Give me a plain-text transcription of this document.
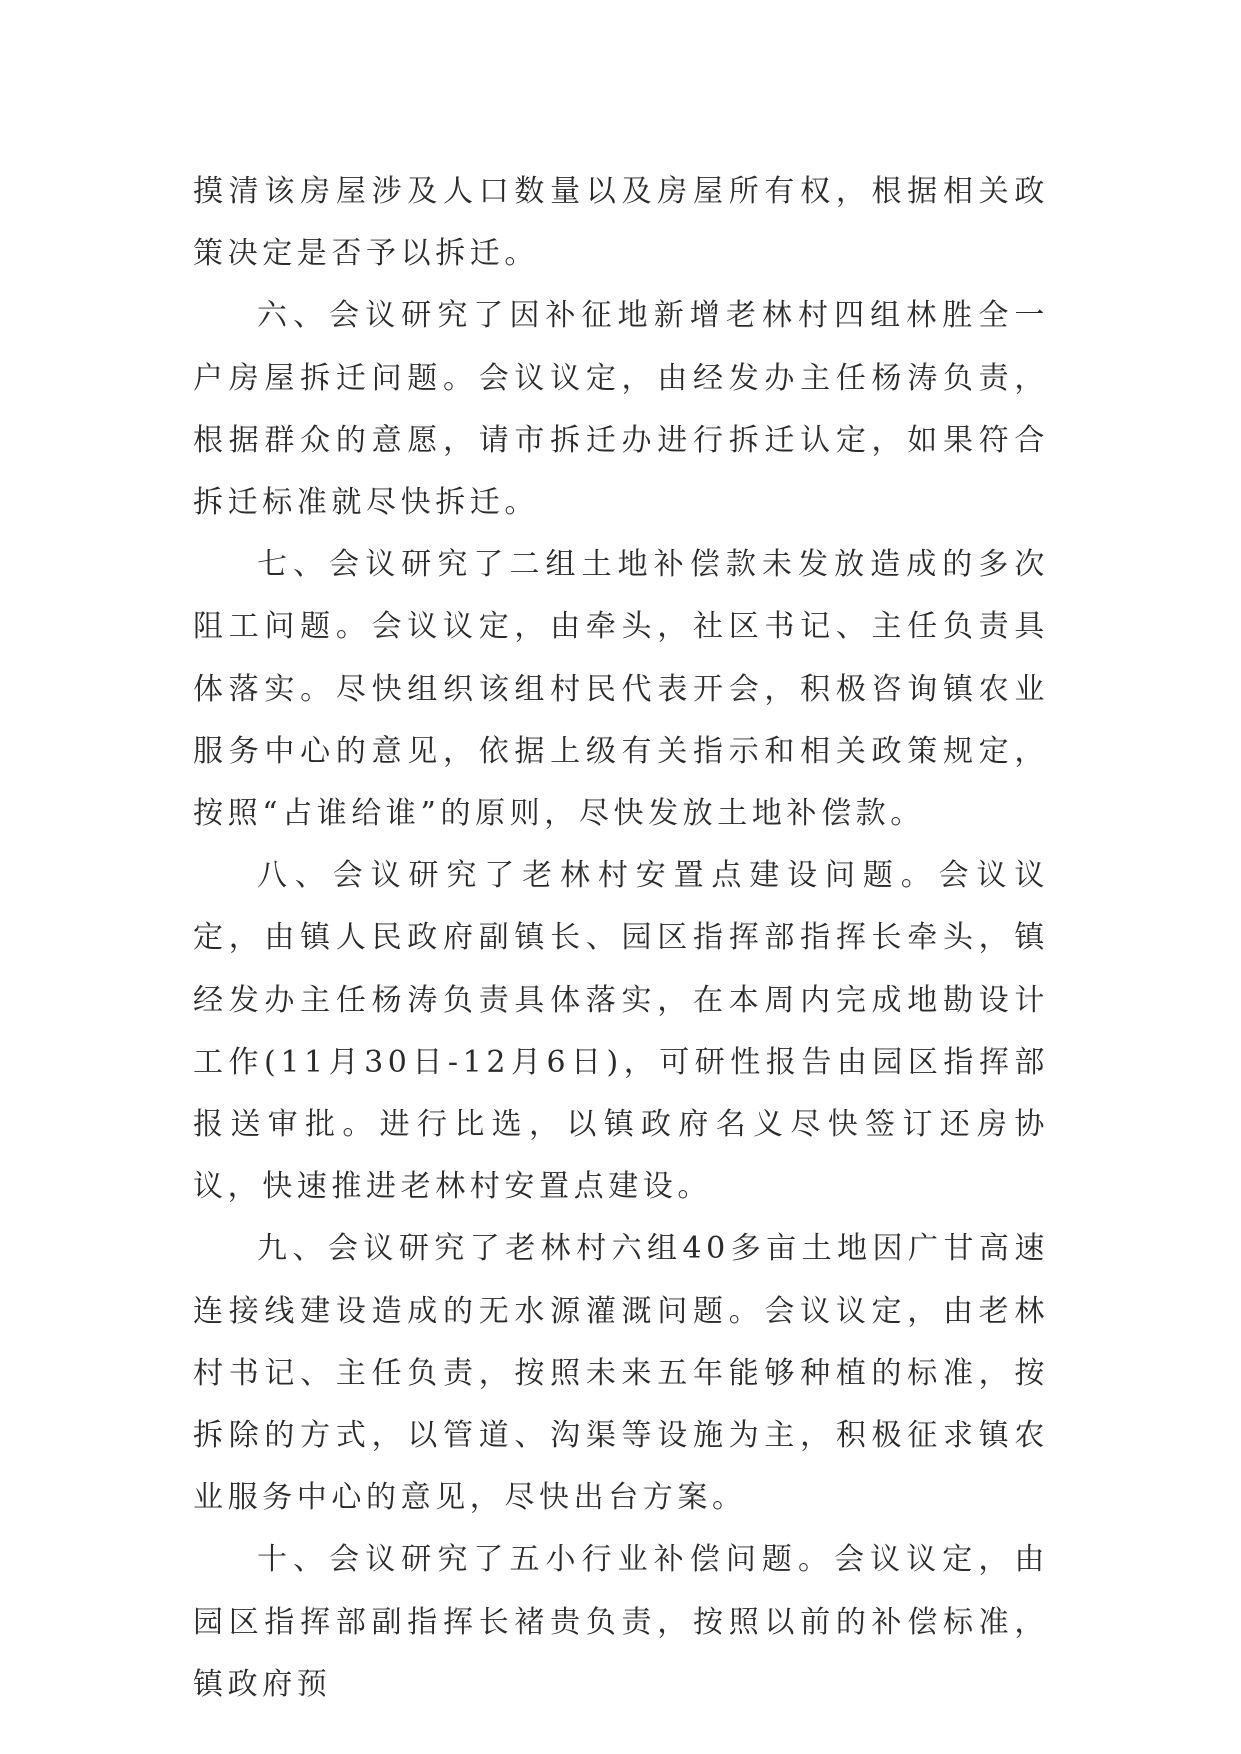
摸清该房屋涉及人口数量以及房屋所有权，根据相关政策决定是否予以拆迁。

六、会议研究了因补征地新增老林村四组林胜全一户房屋拆迁问题。会议议定，由经发办主任杨涛负责，根据群众的意愿，请市拆迁办进行拆迁认定，如果符合拆迁标准就尽快拆迁。

七、会议研究了二组土地补偿款未发放造成的多次阻工问题。会议议定，由牵头，社区书记、主任负责具体落实。尽快组织该组村民代表开会，积极咨询镇农业服务中心的意见，依据上级有关指示和相关政策规定，按照“占谁给谁”的原则，尽快发放土地补偿款。

八、会议研究了老林村安置点建设问题。会议议定，由镇人民政府副镇长、园区指挥部指挥长牵头，镇经发办主任杨涛负责具体落实，在本周内完成地勘设计工作(11月30日-12月6日)，可研性报告由园区指挥部报送审批。进行比选，以镇政府名义尽快签订还房协议，快速推进老林村安置点建设。

九、会议研究了老林村六组40多亩土地因广甘高速连接线建设造成的无水源灌溉问题。会议议定，由老林村书记、主任负责，按照未来五年能够种植的标准，按拆除的方式，以管道、沟渠等设施为主，积极征求镇农业服务中心的意见，尽快出台方案。

十、会议研究了五小行业补偿问题。会议议定，由园区指挥部副指挥长褚贵负责，按照以前的补偿标准，镇政府预
